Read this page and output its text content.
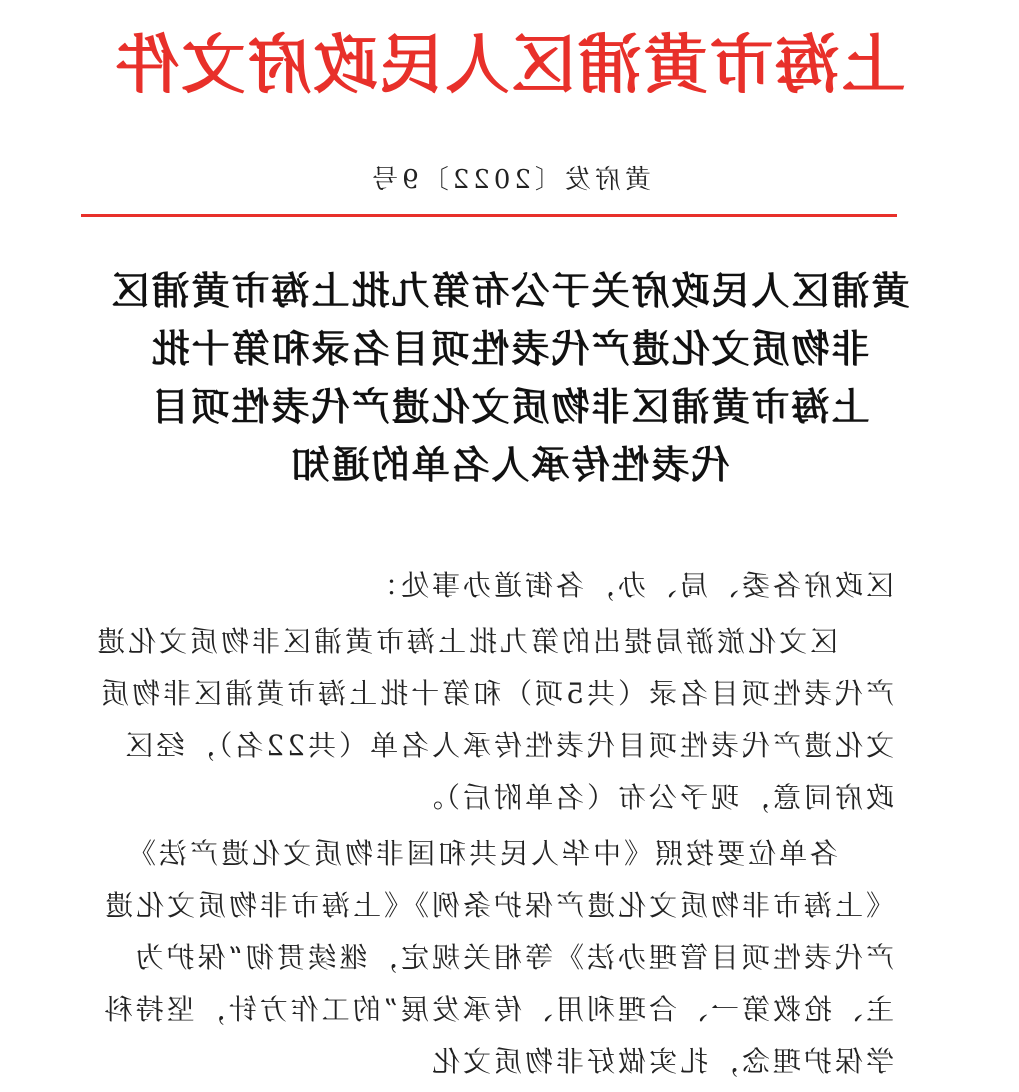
上海市黄浦区人民政府文件
黄府发〔2022〕9号
黄浦区人民政府关于公布第九批上海市黄浦区
非物质文化遗产代表性项目名录和第十批
上海市黄浦区非物质文化遗产代表性项目
代表性传承人名单的通知

区政府各委、局、办，各街道办事处：

区文化旅游局提出的第九批上海市黄浦区非物质文化遗产代表性项目名录（共5项）和第十批上海市黄浦区非物质文化遗产代表性项目代表性传承人名单（共22名），经区政府同意，现予公布（名单附后）。

各单位要按照《中华人民共和国非物质文化遗产法》《上海市非物质文化遗产保护条例》《上海市非物质文化遗产代表性项目管理办法》等相关规定，继续贯彻“保护为主、抢救第一、合理利用、传承发展”的工作方针，坚持科学保护理念，扎实做好非物质文化
